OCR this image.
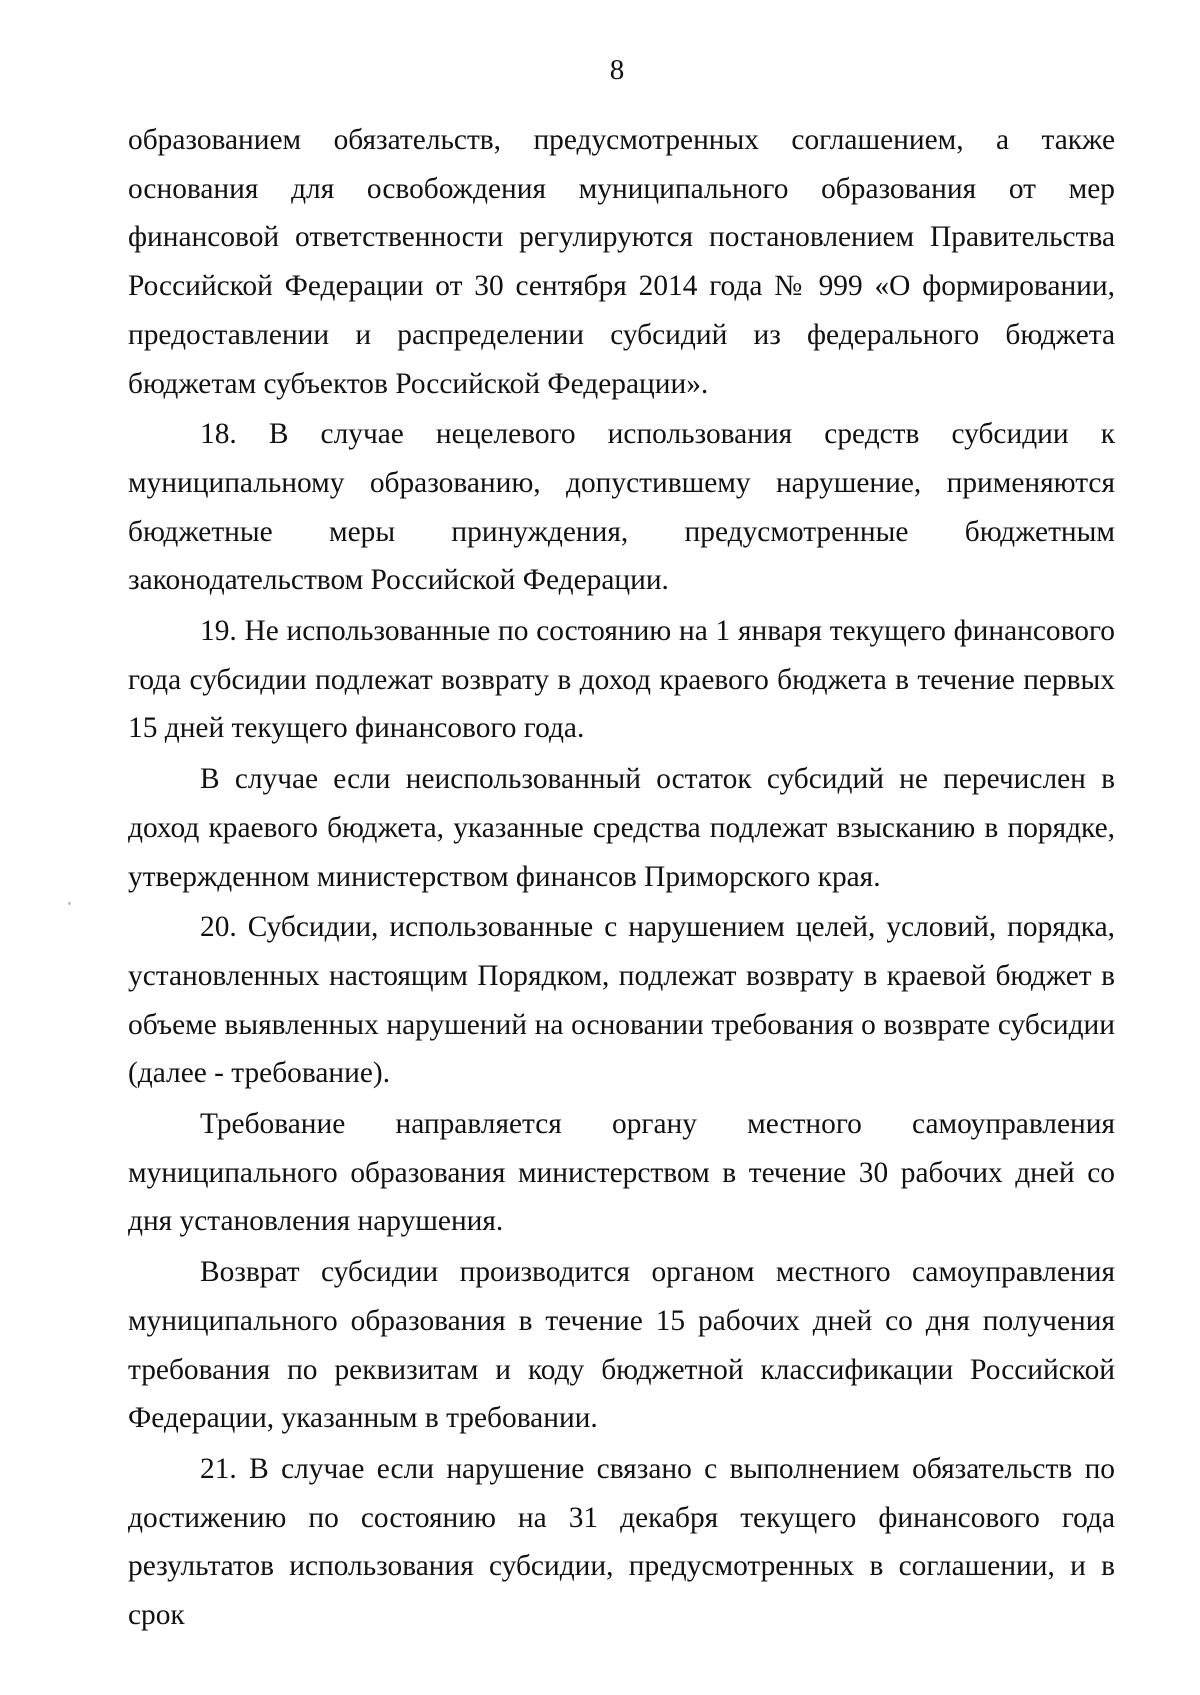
8

образованием обязательств, предусмотренных соглашением, а также основания для освобождения муниципального образования от мер финансовой ответственности регулируются постановлением Правительства Российской Федерации от 30 сентября 2014 года № 999 «О формировании, предоставлении и распределении субсидий из федерального бюджета бюджетам субъектов Российской Федерации».

18. В случае нецелевого использования средств субсидии к муниципальному образованию, допустившему нарушение, применяются бюджетные меры принуждения, предусмотренные бюджетным законодательством Российской Федерации.

19. Не использованные по состоянию на 1 января текущего финансового года субсидии подлежат возврату в доход краевого бюджета в течение первых 15 дней текущего финансового года.

В случае если неиспользованный остаток субсидий не перечислен в доход краевого бюджета, указанные средства подлежат взысканию в порядке, утвержденном министерством финансов Приморского края.

20. Субсидии, использованные с нарушением целей, условий, порядка, установленных настоящим Порядком, подлежат возврату в краевой бюджет в объеме выявленных нарушений на основании требования о возврате субсидии (далее - требование).

Требование направляется органу местного самоуправления муниципального образования министерством в течение 30 рабочих дней со дня установления нарушения.

Возврат субсидии производится органом местного самоуправления муниципального образования в течение 15 рабочих дней со дня получения требования по реквизитам и коду бюджетной классификации Российской Федерации, указанным в требовании.

21. В случае если нарушение связано с выполнением обязательств по достижению по состоянию на 31 декабря текущего финансового года результатов использования субсидии, предусмотренных в соглашении, и в срок
